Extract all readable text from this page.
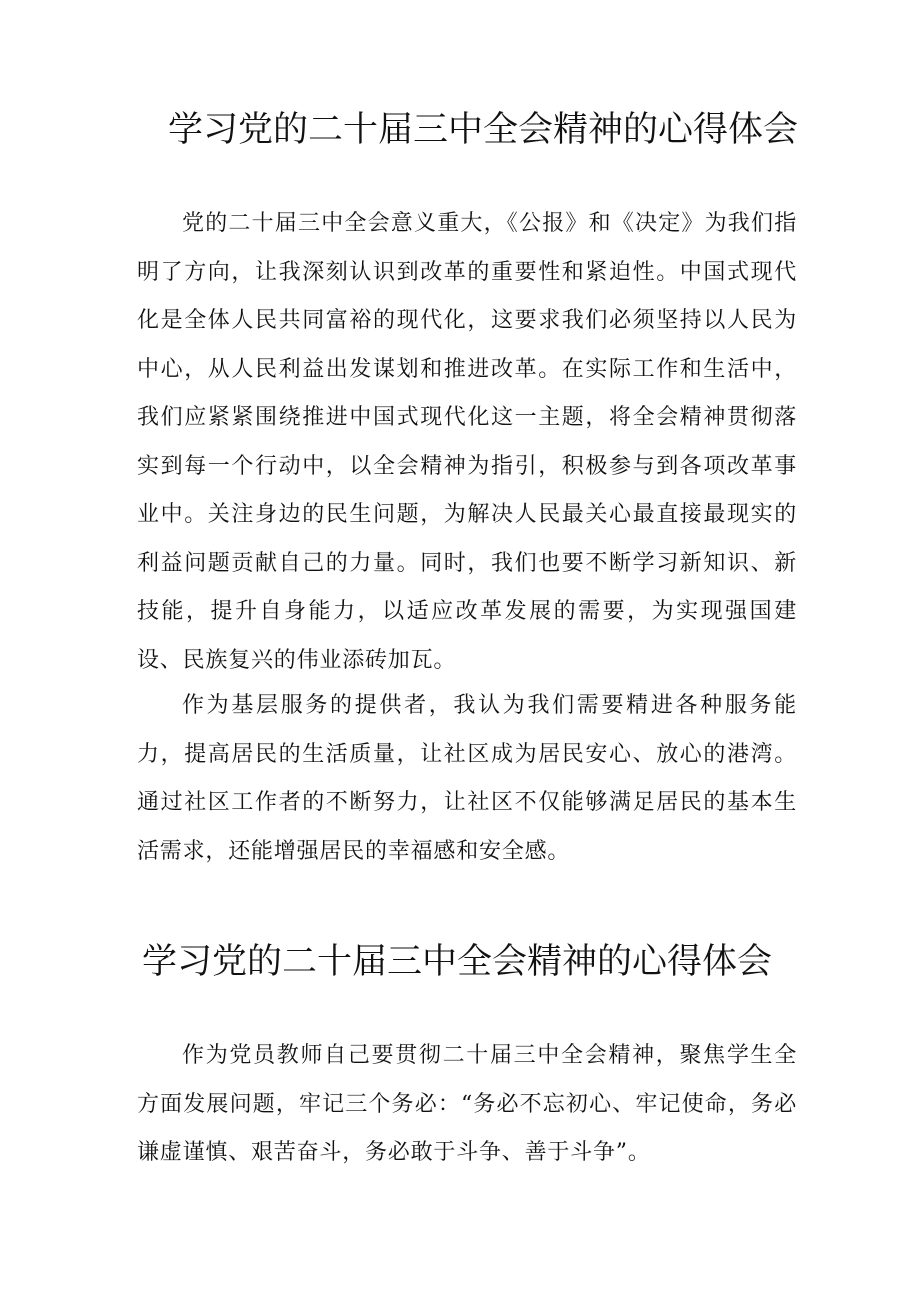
学习党的二十届三中全会精神的心得体会

党的二十届三中全会意义重大，《公报》和《决定》为我们指明了方向，让我深刻认识到改革的重要性和紧迫性。中国式现代化是全体人民共同富裕的现代化，这要求我们必须坚持以人民为中心，从人民利益出发谋划和推进改革。在实际工作和生活中，我们应紧紧围绕推进中国式现代化这一主题，将全会精神贯彻落实到每一个行动中，以全会精神为指引，积极参与到各项改革事业中。关注身边的民生问题，为解决人民最关心最直接最现实的利益问题贡献自己的力量。同时，我们也要不断学习新知识、新技能，提升自身能力，以适应改革发展的需要，为实现强国建设、民族复兴的伟业添砖加瓦。

作为基层服务的提供者，我认为我们需要精进各种服务能力，提高居民的生活质量，让社区成为居民安心、放心的港湾。通过社区工作者的不断努力，让社区不仅能够满足居民的基本生活需求，还能增强居民的幸福感和安全感。

学习党的二十届三中全会精神的心得体会

作为党员教师自己要贯彻二十届三中全会精神，聚焦学生全方面发展问题，牢记三个务必：“务必不忘初心、牢记使命，务必谦虚谨慎、艰苦奋斗，务必敢于斗争、善于斗争”。
